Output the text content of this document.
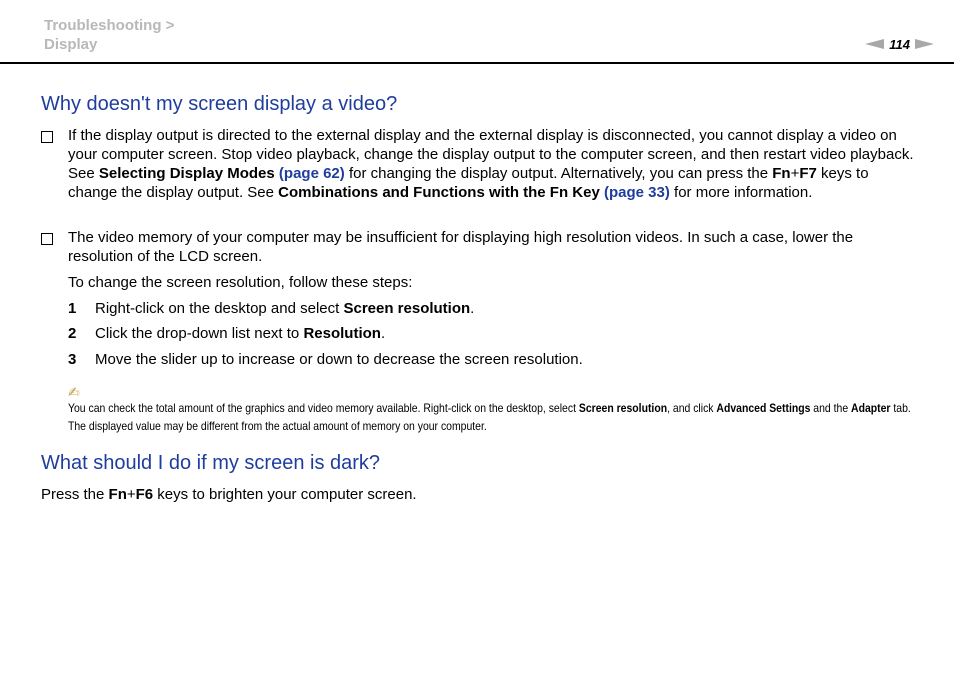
Troubleshooting >
Display	114
Why doesn't my screen display a video?

If the display output is directed to the external display and the external display is disconnected, you cannot display a video on your computer screen. Stop video playback, change the display output to the computer screen, and then restart video playback. See Selecting Display Modes (page 62) for changing the display output. Alternatively, you can press the Fn+F7 keys to change the display output. See Combinations and Functions with the Fn Key (page 33) for more information.

The video memory of your computer may be insufficient for displaying high resolution videos. In such a case, lower the resolution of the LCD screen.

To change the screen resolution, follow these steps:

1 Right-click on the desktop and select Screen resolution.

2 Click the drop-down list next to Resolution.

3 Move the slider up to increase or down to decrease the screen resolution.

✍

You can check the total amount of the graphics and video memory available. Right-click on the desktop, select Screen resolution, and click Advanced Settings and the Adapter tab. The displayed value may be different from the actual amount of memory on your computer.

What should I do if my screen is dark?

Press the Fn+F6 keys to brighten your computer screen.
